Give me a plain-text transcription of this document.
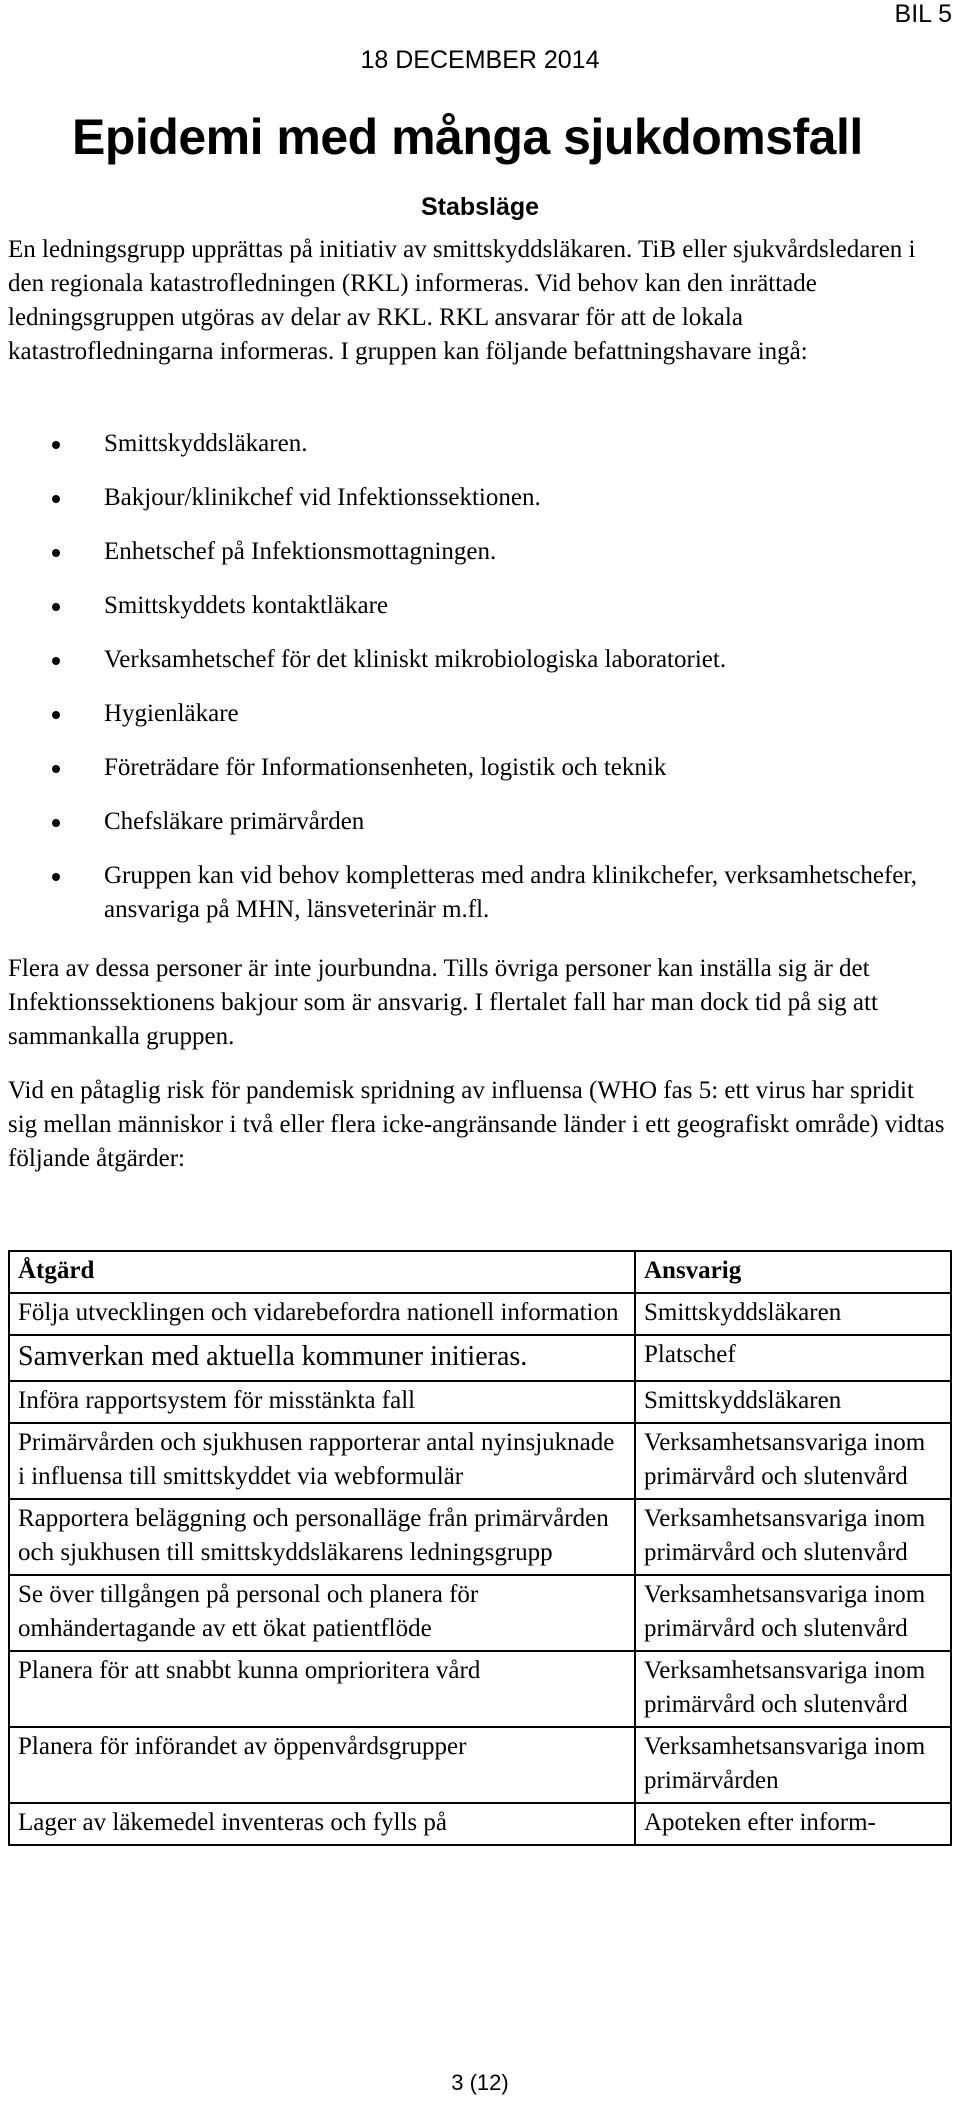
BIL 5
18 DECEMBER 2014
Epidemi med många sjukdomsfall
Stabsläge

En ledningsgrupp upprättas på initiativ av smittskyddsläkaren. TiB eller sjukvårdsledaren i den regionala katastrofledningen (RKL) informeras. Vid behov kan den inrättade ledningsgruppen utgöras av delar av RKL. RKL ansvarar för att de lokala katastrofledningarna informeras. I gruppen kan följande befattningshavare ingå:

Smittskyddsläkaren.
Bakjour/klinikchef vid Infektionssektionen.
Enhetschef på Infektionsmottagningen.
Smittskyddets kontaktläkare
Verksamhetschef för det kliniskt mikrobiologiska laboratoriet.
Hygienläkare
Företrädare för Informationsenheten, logistik och teknik
Chefsläkare primärvården
Gruppen kan vid behov kompletteras med andra klinikchefer, verksamhetschefer, ansvariga på MHN, länsveterinär m.fl.

Flera av dessa personer är inte jourbundna. Tills övriga personer kan inställa sig är det Infektionssektionens bakjour som är ansvarig. I flertalet fall har man dock tid på sig att sammankalla gruppen.

Vid en påtaglig risk för pandemisk spridning av influensa (WHO fas 5: ett virus har spridit sig mellan människor i två eller flera icke-angränsande länder i ett geografiskt område) vidtas följande åtgärder:

Åtgärd	Ansvarig
Följa utvecklingen och vidarebefordra nationell information	Smittskyddsläkaren
Samverkan med aktuella kommuner initieras.	Platschef
Införa rapportsystem för misstänkta fall	Smittskyddsläkaren
Primärvården och sjukhusen rapporterar antal nyinsjuknade i influensa till smittskyddet via webformulär	Verksamhetsansvariga inom primärvård och slutenvård
Rapportera beläggning och personalläge från primärvården och sjukhusen till smittskyddsläkarens ledningsgrupp	Verksamhetsansvariga inom primärvård och slutenvård
Se över tillgången på personal och planera för omhändertagande av ett ökat patientflöde	Verksamhetsansvariga inom primärvård och slutenvård
Planera för att snabbt kunna omprioritera vård	Verksamhetsansvariga inom primärvård och slutenvård
Planera för införandet av öppenvårdsgrupper	Verksamhetsansvariga inom primärvården
Lager av läkemedel inventeras och fylls på	Apoteken efter inform-
3 (12)
